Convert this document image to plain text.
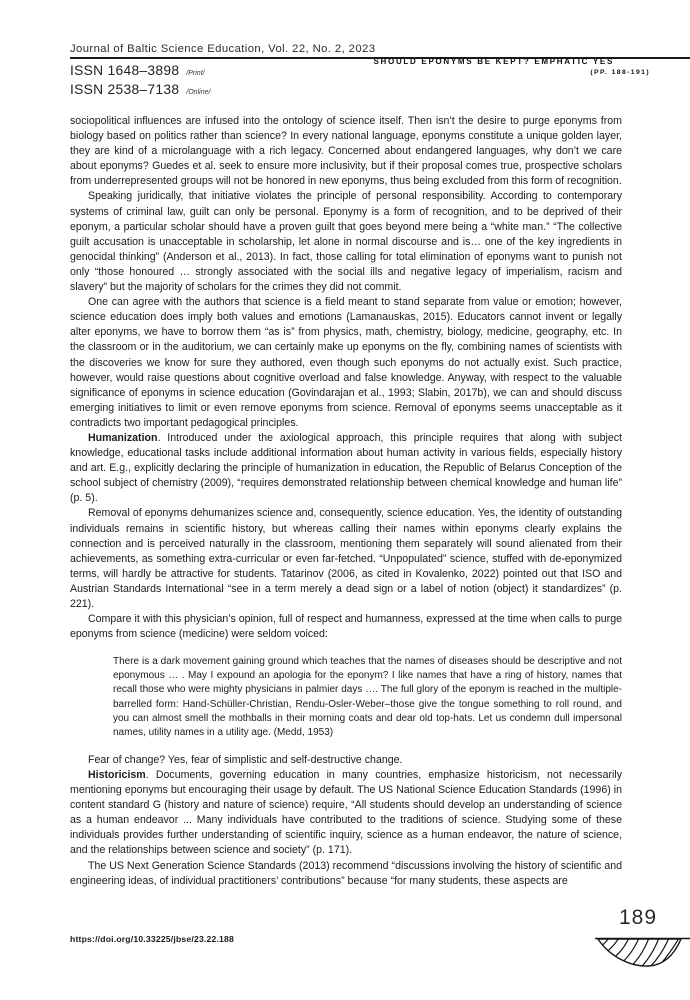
Journal of Baltic Science Education, Vol. 22, No. 2, 2023
ISSN 1648–3898 /Print/
ISSN 2538–7138 /Online/
SHOULD EPONYMS BE KEPT? EMPHATIC YES
(PP. 188-191)

sociopolitical influences are infused into the ontology of science itself. Then isn’t the desire to purge eponyms from biology based on politics rather than science? In every national language, eponyms constitute a unique golden layer, they are kind of a microlanguage with a rich legacy. Concerned about endangered languages, why don’t we care about eponyms? Guedes et al. seek to ensure more inclusivity, but if their proposal comes true, prospective scholars from underrepresented groups will not be honored in new eponyms, thus being excluded from this form of recognition.

Speaking juridically, that initiative violates the principle of personal responsibility. According to contemporary systems of criminal law, guilt can only be personal. Eponymy is a form of recognition, and to be deprived of their eponym, a particular scholar should have a proven guilt that goes beyond mere being a “white man.” “The collective guilt accusation is unacceptable in scholarship, let alone in normal discourse and is… one of the key ingredients in genocidal thinking” (Anderson et al., 2013). In fact, those calling for total elimination of eponyms want to punish not only “those honoured … strongly associated with the social ills and negative legacy of imperialism, racism and slavery” but the majority of scholars for the crimes they did not commit.

One can agree with the authors that science is a field meant to stand separate from value or emotion; however, science education does imply both values and emotions (Lamanauskas, 2015). Educators cannot invent or legally alter eponyms, we have to borrow them “as is” from physics, math, chemistry, biology, medicine, geography, etc. In the classroom or in the auditorium, we can certainly make up eponyms on the fly, combining names of scientists with the discoveries we know for sure they authored, even though such eponyms do not actually exist. Such practice, however, would raise questions about cognitive overload and false knowledge. Anyway, with respect to the valuable significance of eponyms in science education (Govindarajan et al., 1993; Slabin, 2017b), we can and should discuss emerging initiatives to limit or even remove eponyms from science. Removal of eponyms seems unacceptable as it contradicts two important pedagogical principles.

Humanization. Introduced under the axiological approach, this principle requires that along with subject knowledge, educational tasks include additional information about human activity in various fields, especially history and art. E.g., explicitly declaring the principle of humanization in education, the Republic of Belarus Conception of the school subject of chemistry (2009), “requires demonstrated relationship between chemical knowledge and human life” (p. 5).

Removal of eponyms dehumanizes science and, consequently, science education. Yes, the identity of outstanding individuals remains in scientific history, but whereas calling their names within eponyms clearly explains the connection and is perceived naturally in the classroom, mentioning them separately will sound alienated from their achievements, as something extra-curricular or even far-fetched. “Unpopulated” science, stuffed with de-eponymized terms, will hardly be attractive for students. Tatarinov (2006, as cited in Kovalenko, 2022) pointed out that ISO and Austrian Standards International “see in a term merely a dead sign or a label of notion (object) it standardizes” (p. 221).

Compare it with this physician’s opinion, full of respect and humanness, expressed at the time when calls to purge eponyms from science (medicine) were seldom voiced:

There is a dark movement gaining ground which teaches that the names of diseases should be descriptive and not eponymous … . May I expound an apologia for the eponym? I like names that have a ring of history, names that recall those who were mighty physicians in palmier days …. The full glory of the eponym is reached in the multiple-barrelled form: Hand-Schüller-Christian, Rendu-Osler-Weber–those give the tongue something to roll round, and you can almost smell the mothballs in their morning coats and dear old top-hats. Let us condemn dull impersonal names, utility names in a utility age. (Medd, 1953)

Fear of change? Yes, fear of simplistic and self-destructive change.

Historicism. Documents, governing education in many countries, emphasize historicism, not necessarily mentioning eponyms but encouraging their usage by default. The US National Science Education Standards (1996) in content standard G (history and nature of science) require, “All students should develop an understanding of science as a human endeavor ... Many individuals have contributed to the traditions of science. Studying some of these individuals provides further understanding of scientific inquiry, science as a human endeavor, the nature of science, and the relationships between science and society” (p. 171).

The US Next Generation Science Standards (2013) recommend “discussions involving the history of scientific and engineering ideas, of individual practitioners’ contributions” because “for many students, these aspects are

https://doi.org/10.33225/jbse/23.22.188
189
